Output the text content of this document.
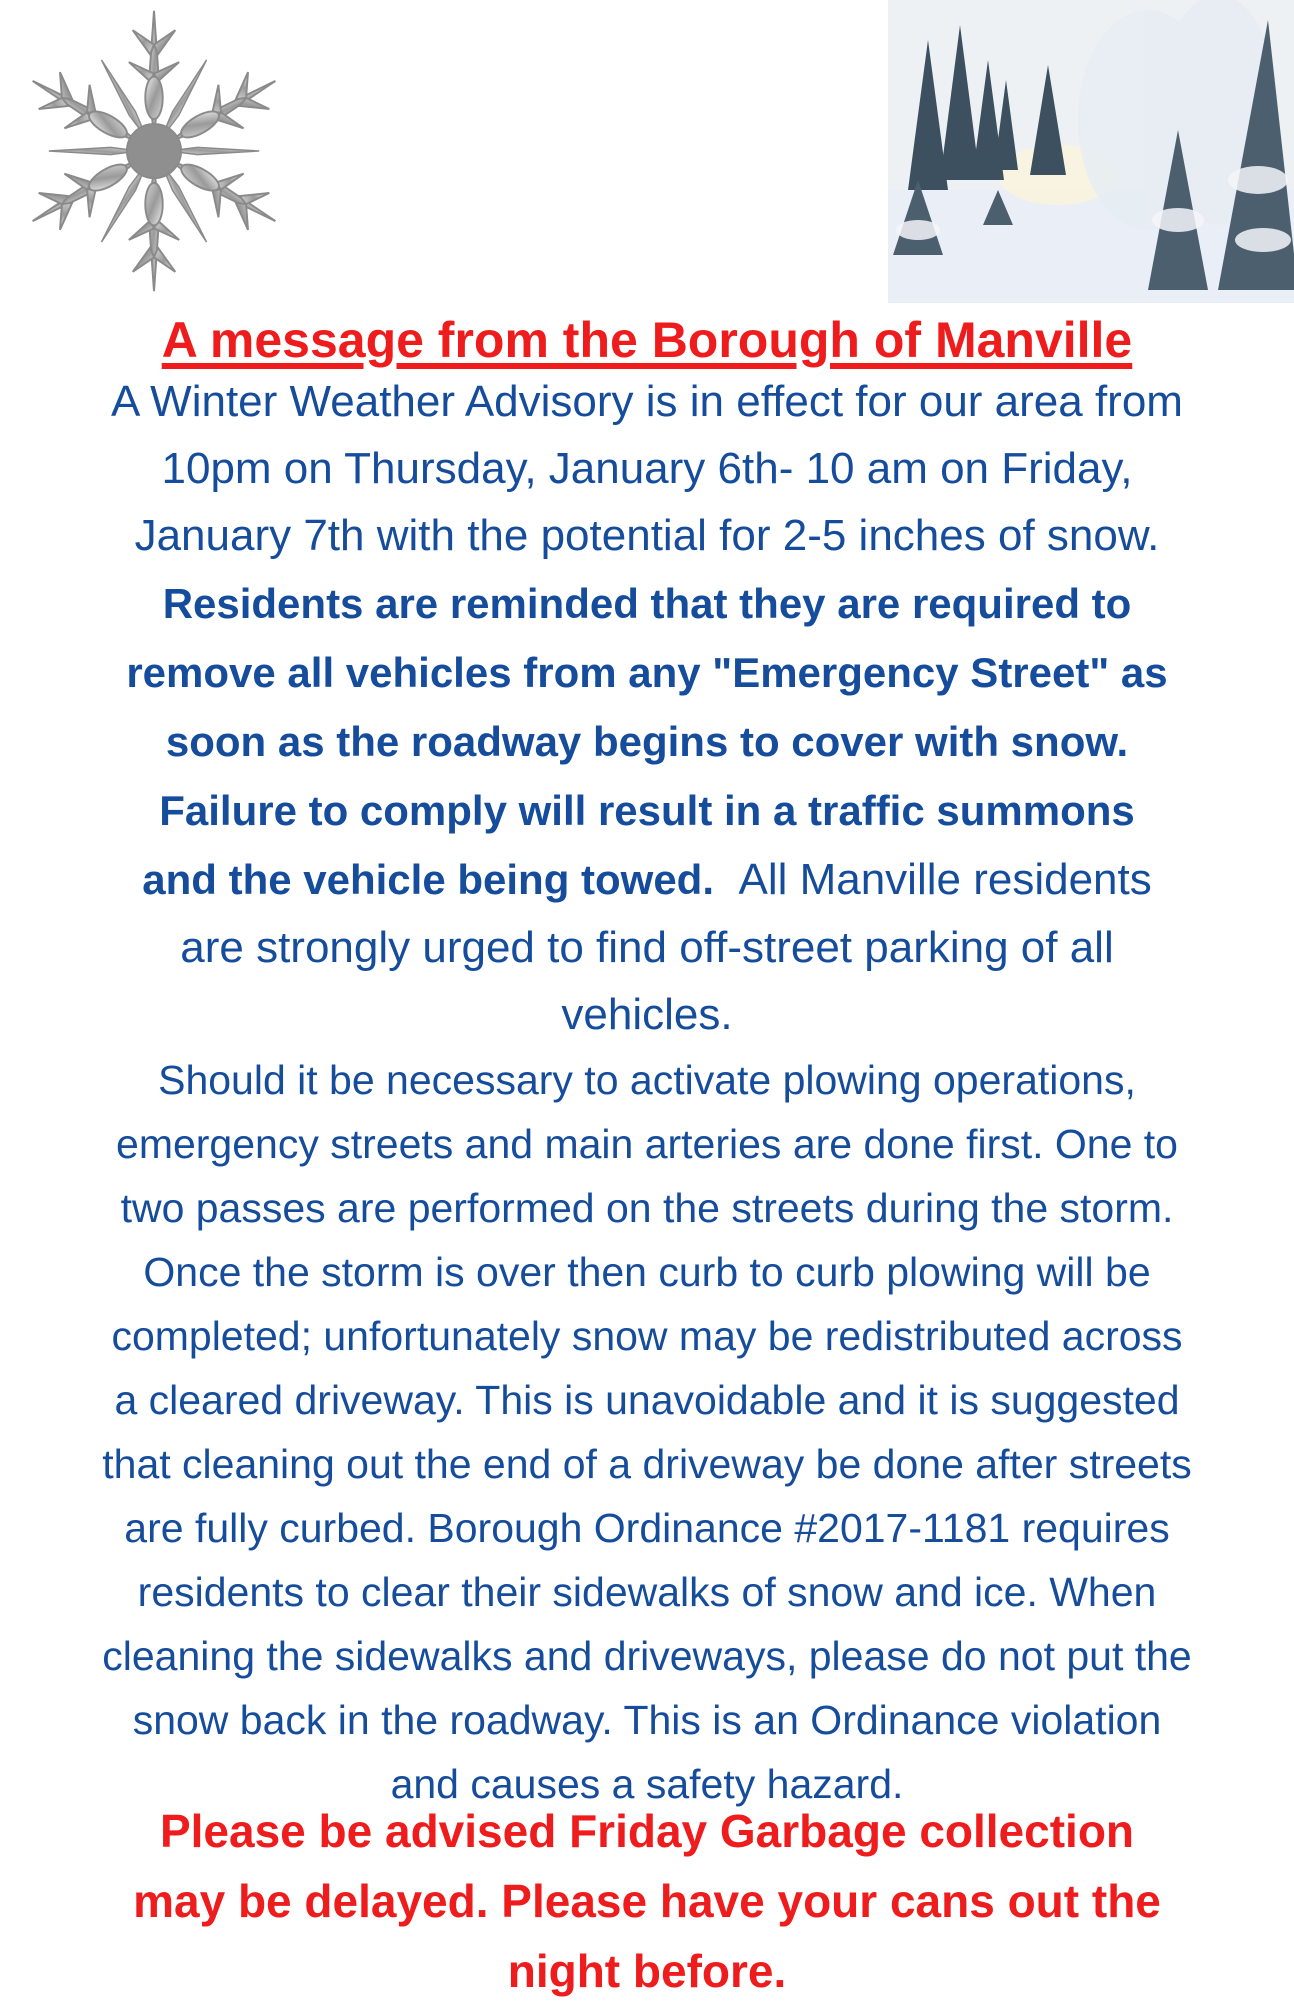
A message from the Borough of Manville

A Winter Weather Advisory is in effect for our area from

10pm on Thursday, January 6th- 10 am on Friday,

January 7th with the potential for 2-5 inches of snow.

Residents are reminded that they are required to

remove all vehicles from any "Emergency Street" as

soon as the roadway begins to cover with snow.

Failure to comply will result in a traffic summons

and the vehicle being towed. All Manville residents

are strongly urged to find off-street parking of all

vehicles.

Should it be necessary to activate plowing operations,

emergency streets and main arteries are done first. One to

two passes are performed on the streets during the storm.

Once the storm is over then curb to curb plowing will be

completed; unfortunately snow may be redistributed across

a cleared driveway. This is unavoidable and it is suggested

that cleaning out the end of a driveway be done after streets

are fully curbed. Borough Ordinance #2017-1181 requires

residents to clear their sidewalks of snow and ice. When

cleaning the sidewalks and driveways, please do not put the

snow back in the roadway. This is an Ordinance violation

and causes a safety hazard.

Please be advised Friday Garbage collection

may be delayed. Please have your cans out the

night before.
